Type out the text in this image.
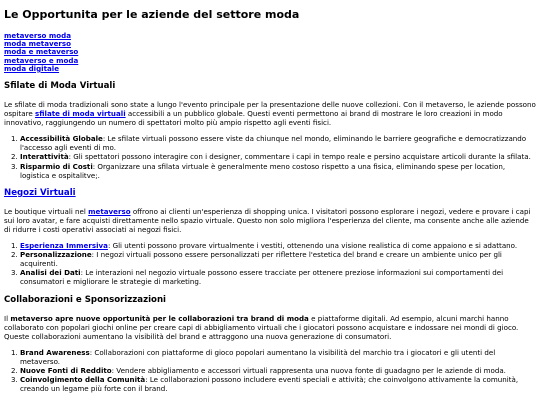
Le Opportunita per le aziende del settore moda
metaverso moda
moda metaverso
moda e metaverso
metaverso e moda
moda digitale
Sfilate di Moda Virtuali

Le sfilate di moda tradizionali sono state a lungo l'evento principale per la presentazione delle nuove collezioni. Con il metaverso, le aziende possono ospitare sfilate di moda virtuali accessibili a un pubblico globale. Questi eventi permettono ai brand di mostrare le loro creazioni in modo innovativo, raggiungendo un numero di spettatori molto più ampio rispetto agli eventi fisici.

1. Accessibilità Globale: Le sfilate virtuali possono essere viste da chiunque nel mondo, eliminando le barriere geografiche e democratizzando l'accesso agli eventi di mo.
2. Interattività: Gli spettatori possono interagire con i designer, commentare i capi in tempo reale e persino acquistare articoli durante la sfilata.
3. Risparmio di Costi: Organizzare una sfilata virtuale è generalmente meno costoso rispetto a una fisica, eliminando spese per location, logistica e ospitalitve;.
Negozi Virtuali

Le boutique virtuali nel metaverso offrono ai clienti un'esperienza di shopping unica. I visitatori possono esplorare i negozi, vedere e provare i capi sui loro avatar, e fare acquisti direttamente nello spazio virtuale. Questo non solo migliora l'esperienza del cliente, ma consente anche alle aziende di ridurre i costi operativi associati ai negozi fisici.

1. Esperienza Immersiva: Gli utenti possono provare virtualmente i vestiti, ottenendo una visione realistica di come appaiono e si adattano.
2. Personalizzazione: I negozi virtuali possono essere personalizzati per riflettere l'estetica del brand e creare un ambiente unico per gli acquirenti.
3. Analisi dei Dati: Le interazioni nel negozio virtuale possono essere tracciate per ottenere preziose informazioni sui comportamenti dei consumatori e migliorare le strategie di marketing.
Collaborazioni e Sponsorizzazioni

Il metaverso apre nuove opportunità per le collaborazioni tra brand di moda e piattaforme digitali. Ad esempio, alcuni marchi hanno collaborato con popolari giochi online per creare capi di abbigliamento virtuali che i giocatori possono acquistare e indossare nei mondi di gioco. Queste collaborazioni aumentano la visibilità del brand e attraggono una nuova generazione di consumatori.

1. Brand Awareness: Collaborazioni con piattaforme di gioco popolari aumentano la visibilità del marchio tra i giocatori e gli utenti del metaverso.
2. Nuove Fonti di Reddito: Vendere abbigliamento e accessori virtuali rappresenta una nuova fonte di guadagno per le aziende di moda.
3. Coinvolgimento della Comunità: Le collaborazioni possono includere eventi speciali e attività; che coinvolgono attivamente la comunità, creando un legame più forte con il brand.
